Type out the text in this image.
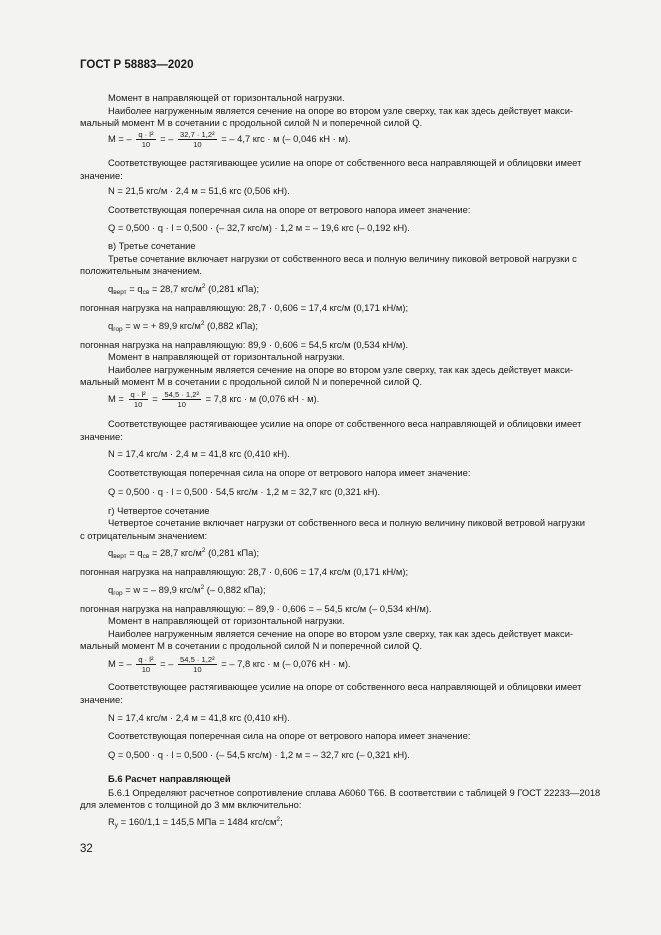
ГОСТ Р 58883—2020
Момент в направляющей от горизонтальной нагрузки.
Наиболее нагруженным является сечение на опоре во втором узле сверху, так как здесь действует макси-
мальный момент M в сочетании с продольной силой N и поперечной силой Q.
M = – $\frac{\text{q · l²}}{10}$ = – $\frac{\text{32,7 · 1,2²}}{10}$ = – 4,7 кгс · м (– 0,046 кН · м).
Соответствующее растягивающее усилие на опоре от собственного веса направляющей и облицовки имеет
значение:
N = 21,5 кгс/м · 2,4 м = 51,6 кгс (0,506 кН).
Соответствующая поперечная сила на опоре от ветрового напора имеет значение:
Q = 0,500 · q · l = 0,500 · (– 32,7 кгс/м) · 1,2 м = – 19,6 кгс (– 0,192 кН).
в) Третье сочетание
Третье сочетание включает нагрузки от собственного веса и полную величину пиковой ветровой нагрузки с
положительным значением.
$q_{верт} = q_{св} = 28,7$ кгс/$м^2$ (0,281 кПа);
погонная нагрузка на направляющую: 28,7 · 0,606 = 17,4 кгс/м (0,171 кН/м);
$q_{гор} = w$ = + 89,9 кгс/$м^2$ (0,882 кПа);
погонная нагрузка на направляющую: 89,9 · 0,606 = 54,5 кгс/м (0,534 кН/м).
Момент в направляющей от горизонтальной нагрузки.
Наиболее нагруженным является сечение на опоре во втором узле сверху, так как здесь действует макси-
мальный момент M в сочетании с продольной силой N и поперечной силой Q.
$M = \frac{\text{q · l²}}{10} = \frac{\text{54,5 · 1,2²}}{10} = 7,8$ кгс · м (0,076 кН · м).
Соответствующее растягивающее усилие на опоре от собственного веса направляющей и облицовки имеет
значение:
N = 17,4 кгс/м · 2,4 м = 41,8 кгс (0,410 кН).
Соответствующая поперечная сила на опоре от ветрового напора имеет значение:
Q = 0,500 · q · l = 0,500 · 54,5 кгс/м · 1,2 м = 32,7 кгс (0,321 кН).
г) Четвертое сочетание
Четвертое сочетание включает нагрузки от собственного веса и полную величину пиковой ветровой нагрузки
с отрицательным значением:
$q_{верт} = q_{св} = 28,7$ кгс/$м^2$ (0,281 кПа);
погонная нагрузка на направляющую: 28,7 · 0,606 = 17,4 кгс/м (0,171 кН/м);
$q_{гор} = w$ = – 89,9 кгс/$м^2$ (– 0,882 кПа);
погонная нагрузка на направляющую: – 89,9 · 0,606 = – 54,5 кгс/м (– 0,534 кН/м).
Момент в направляющей от горизонтальной нагрузки.
Наиболее нагруженным является сечение на опоре во втором узле сверху, так как здесь действует макси-
мальный момент M в сочетании с продольной силой N и поперечной силой Q.
M = – $\frac{\text{q · l²}}{10}$ = – $\frac{\text{54,5 · 1,2²}}{10}$ = – 7,8 кгс · м (– 0,076 кН · м).
Соответствующее растягивающее усилие на опоре от собственного веса направляющей и облицовки имеет
значение:
N = 17,4 кгс/м · 2,4 м = 41,8 кгс (0,410 кН).
Соответствующая поперечная сила на опоре от ветрового напора имеет значение:
Q = 0,500 · q · l = 0,500 · (– 54,5 кгс/м) · 1,2 м = – 32,7 кгс (– 0,321 кН).
Б.6 Расчет направляющей
Б.6.1 Определяют расчетное сопротивление сплава А6060 Т66. В соответствии с таблицей 9 ГОСТ 22233—2018
для элементов с толщиной до 3 мм включительно:
$R_y = 160/1,1 = 145,5$ МПа = 1484 кгс/$см^2$;
32
